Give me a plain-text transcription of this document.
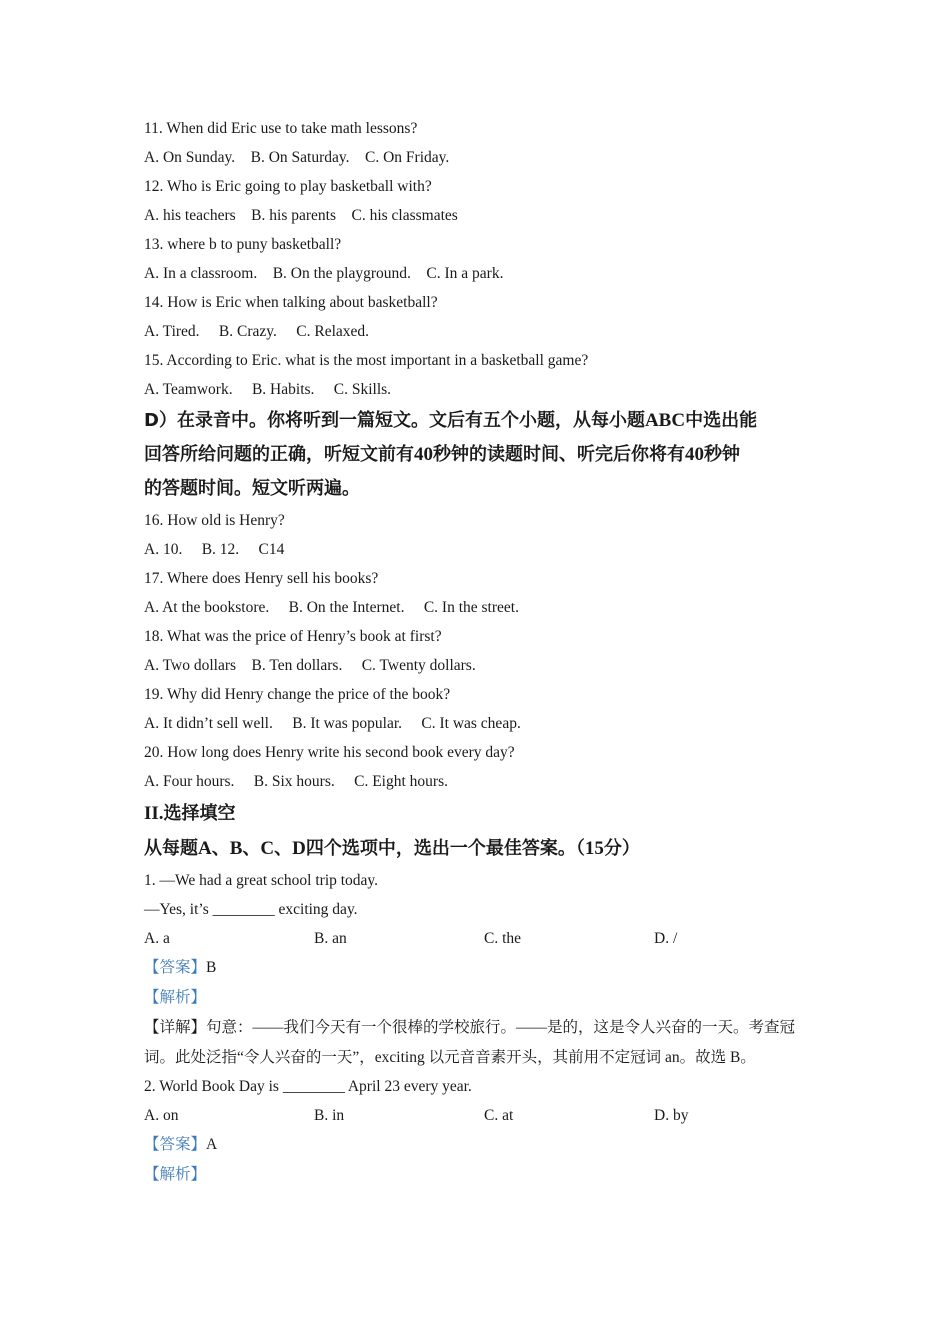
11. When did Eric use to take math lessons?
A. On Sunday.    B. On Saturday.    C. On Friday.
12. Who is Eric going to play basketball with?
A. his teachers    B. his parents    C. his classmates
13. where b to puny basketball?
A. In a classroom.    B. On the playground.    C. In a park.
14. How is Eric when talking about basketball?
A. Tired.     B. Crazy.     C. Relaxed.
15. According to Eric. what is the most important in a basketball game?
A. Teamwork.     B. Habits.     C. Skills.
D）在录音中。你将听到一篇短文。文后有五个小题，从每小题ABC中选出能
回答所给问题的正确，听短文前有40秒钟的读题时间、听完后你将有40秒钟
的答题时间。短文听两遍。
16. How old is Henry?
A. 10.     B. 12.     C14
17. Where does Henry sell his books?
A. At the bookstore.     B. On the Internet.     C. In the street.
18. What was the price of Henry’s book at first?
A. Two dollars    B. Ten dollars.     C. Twenty dollars.
19. Why did Henry change the price of the book?
A. It didn’t sell well.     B. It was popular.     C. It was cheap.
20. How long does Henry write his second book every day?
A. Four hours.     B. Six hours.     C. Eight hours.
II.选择填空
从每题A、B、C、D四个选项中，选出一个最佳答案。（15分）
1. —We had a great school trip today.
—Yes, it’s ________ exciting day.
A. a	B. an	C. the	D. /
【答案】B
【解析】
【详解】句意：——我们今天有一个很棒的学校旅行。——是的，这是令人兴奋的一天。考查冠词。此处泛指“令人兴奋的一天”，exciting 以元音音素开头，其前用不定冠词 an。故选 B。
2. World Book Day is ________ April 23 every year.
A. on	B. in	C. at	D. by
【答案】A
【解析】
